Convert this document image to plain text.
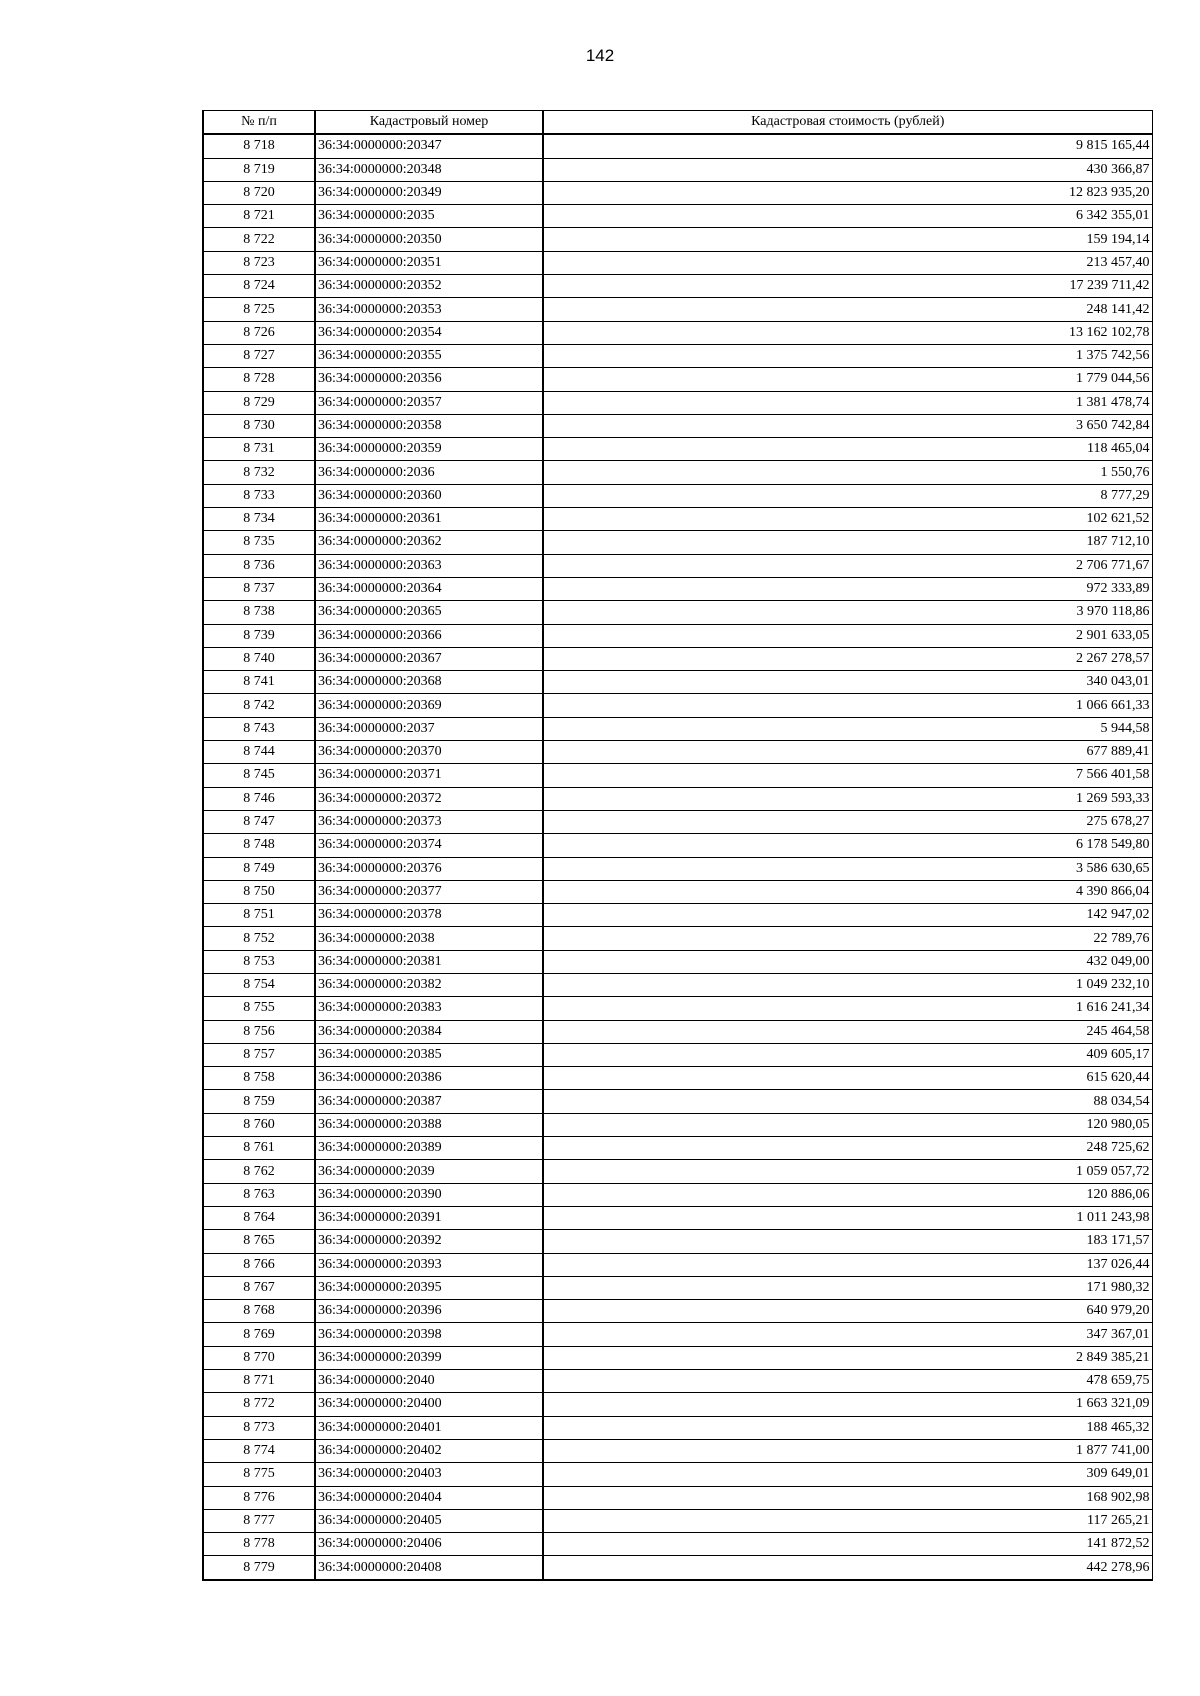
142
№ п/п	Кадастровый номер	Кадастровая стоимость (рублей)
8 718	36:34:0000000:20347	9 815 165,44
8 719	36:34:0000000:20348	430 366,87
8 720	36:34:0000000:20349	12 823 935,20
8 721	36:34:0000000:2035	6 342 355,01
8 722	36:34:0000000:20350	159 194,14
8 723	36:34:0000000:20351	213 457,40
8 724	36:34:0000000:20352	17 239 711,42
8 725	36:34:0000000:20353	248 141,42
8 726	36:34:0000000:20354	13 162 102,78
8 727	36:34:0000000:20355	1 375 742,56
8 728	36:34:0000000:20356	1 779 044,56
8 729	36:34:0000000:20357	1 381 478,74
8 730	36:34:0000000:20358	3 650 742,84
8 731	36:34:0000000:20359	118 465,04
8 732	36:34:0000000:2036	1 550,76
8 733	36:34:0000000:20360	8 777,29
8 734	36:34:0000000:20361	102 621,52
8 735	36:34:0000000:20362	187 712,10
8 736	36:34:0000000:20363	2 706 771,67
8 737	36:34:0000000:20364	972 333,89
8 738	36:34:0000000:20365	3 970 118,86
8 739	36:34:0000000:20366	2 901 633,05
8 740	36:34:0000000:20367	2 267 278,57
8 741	36:34:0000000:20368	340 043,01
8 742	36:34:0000000:20369	1 066 661,33
8 743	36:34:0000000:2037	5 944,58
8 744	36:34:0000000:20370	677 889,41
8 745	36:34:0000000:20371	7 566 401,58
8 746	36:34:0000000:20372	1 269 593,33
8 747	36:34:0000000:20373	275 678,27
8 748	36:34:0000000:20374	6 178 549,80
8 749	36:34:0000000:20376	3 586 630,65
8 750	36:34:0000000:20377	4 390 866,04
8 751	36:34:0000000:20378	142 947,02
8 752	36:34:0000000:2038	22 789,76
8 753	36:34:0000000:20381	432 049,00
8 754	36:34:0000000:20382	1 049 232,10
8 755	36:34:0000000:20383	1 616 241,34
8 756	36:34:0000000:20384	245 464,58
8 757	36:34:0000000:20385	409 605,17
8 758	36:34:0000000:20386	615 620,44
8 759	36:34:0000000:20387	88 034,54
8 760	36:34:0000000:20388	120 980,05
8 761	36:34:0000000:20389	248 725,62
8 762	36:34:0000000:2039	1 059 057,72
8 763	36:34:0000000:20390	120 886,06
8 764	36:34:0000000:20391	1 011 243,98
8 765	36:34:0000000:20392	183 171,57
8 766	36:34:0000000:20393	137 026,44
8 767	36:34:0000000:20395	171 980,32
8 768	36:34:0000000:20396	640 979,20
8 769	36:34:0000000:20398	347 367,01
8 770	36:34:0000000:20399	2 849 385,21
8 771	36:34:0000000:2040	478 659,75
8 772	36:34:0000000:20400	1 663 321,09
8 773	36:34:0000000:20401	188 465,32
8 774	36:34:0000000:20402	1 877 741,00
8 775	36:34:0000000:20403	309 649,01
8 776	36:34:0000000:20404	168 902,98
8 777	36:34:0000000:20405	117 265,21
8 778	36:34:0000000:20406	141 872,52
8 779	36:34:0000000:20408	442 278,96
